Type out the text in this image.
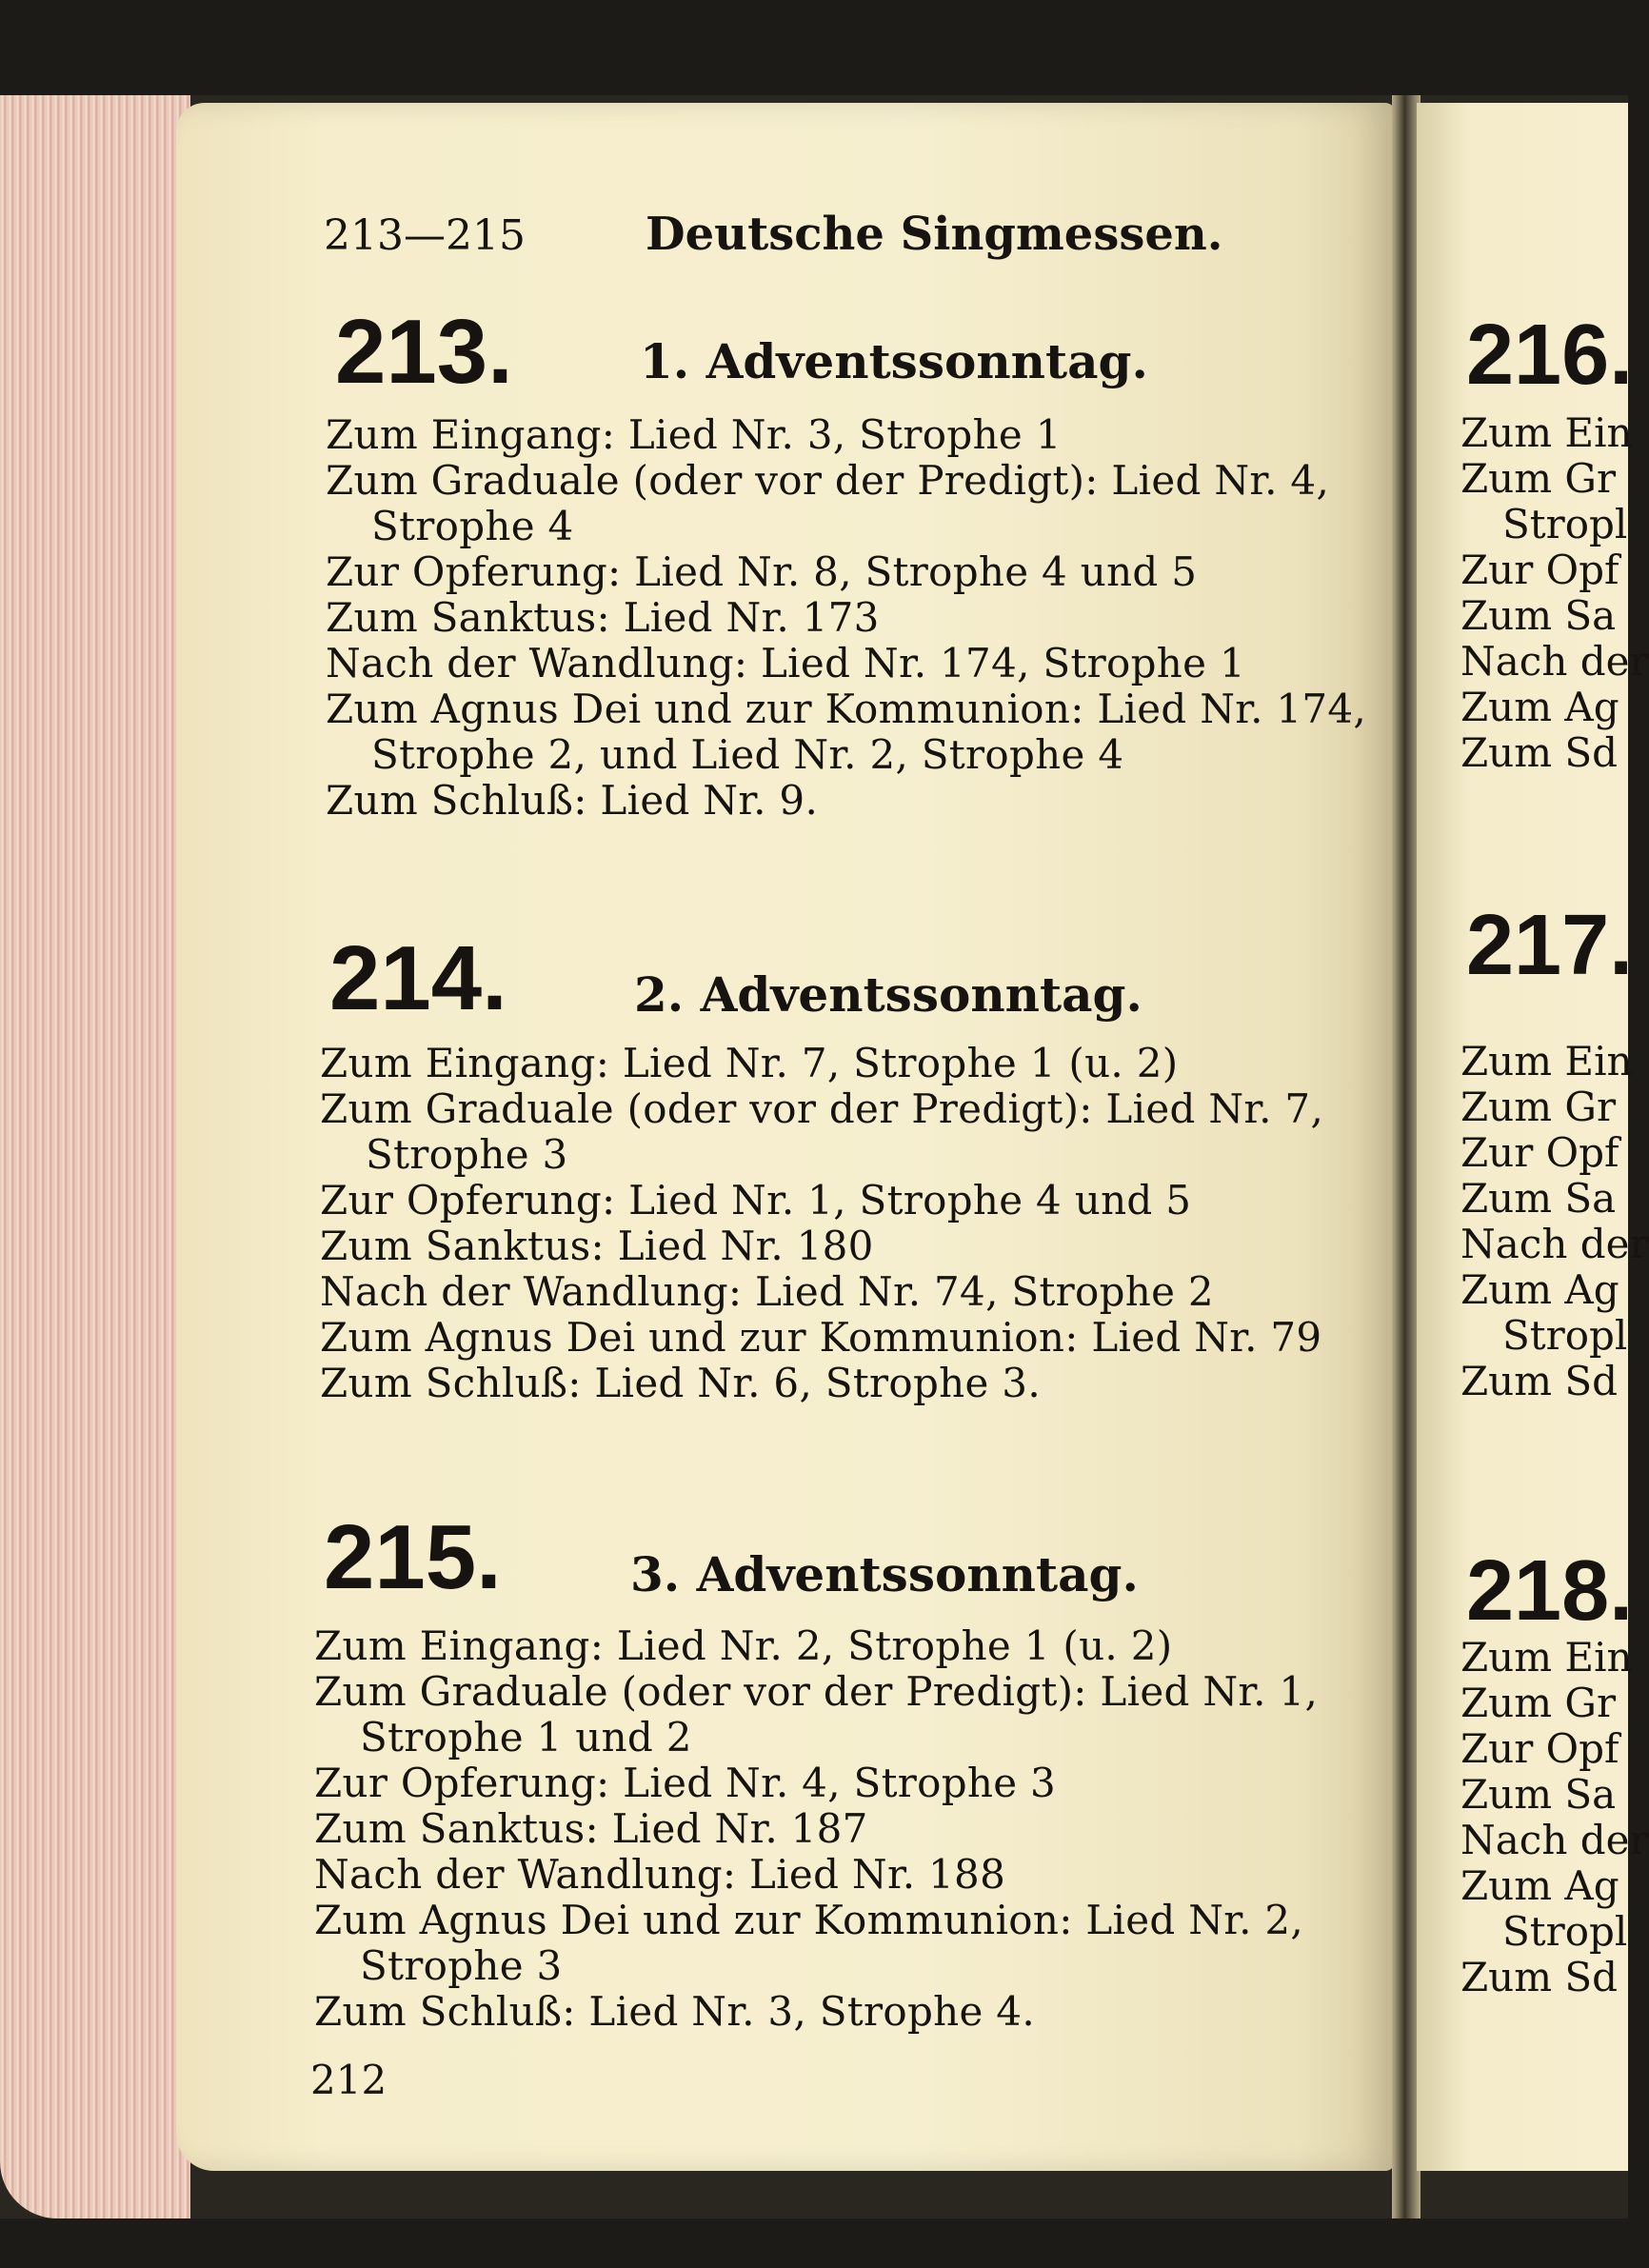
213—215	Deutsche Singmessen.
213.	1. Adventssonntag.
Zum Eingang: Lied Nr. 3, Strophe 1
Zum Graduale (oder vor der Predigt): Lied Nr. 4,
Strophe 4
Zur Opferung: Lied Nr. 8, Strophe 4 und 5
Zum Sanktus: Lied Nr. 173
Nach der Wandlung: Lied Nr. 174, Strophe 1
Zum Agnus Dei und zur Kommunion: Lied Nr. 174,
Strophe 2, und Lied Nr. 2, Strophe 4
Zum Schluß: Lied Nr. 9.
214.	2. Adventssonntag.
Zum Eingang: Lied Nr. 7, Strophe 1 (u. 2)
Zum Graduale (oder vor der Predigt): Lied Nr. 7,
Strophe 3
Zur Opferung: Lied Nr. 1, Strophe 4 und 5
Zum Sanktus: Lied Nr. 180
Nach der Wandlung: Lied Nr. 74, Strophe 2
Zum Agnus Dei und zur Kommunion: Lied Nr. 79
Zum Schluß: Lied Nr. 6, Strophe 3.
215.	3. Adventssonntag.
Zum Eingang: Lied Nr. 2, Strophe 1 (u. 2)
Zum Graduale (oder vor der Predigt): Lied Nr. 1,
Strophe 1 und 2
Zur Opferung: Lied Nr. 4, Strophe 3
Zum Sanktus: Lied Nr. 187
Nach der Wandlung: Lied Nr. 188
Zum Agnus Dei und zur Kommunion: Lied Nr. 2,
Strophe 3
Zum Schluß: Lied Nr. 3, Strophe 4.
212
216.
Zum Ein
Zum Gr
Stropl
Zur Opf
Zum Sa
Nach der
Zum Ag
Zum Sd
217.
Zum Ein
Zum Gr
Zur Opf
Zum Sa
Nach der
Zum Ag
Stropl
Zum Sd
218.
Zum Ein
Zum Gr
Zur Opf
Zum Sa
Nach der
Zum Ag
Stropl
Zum Sd
